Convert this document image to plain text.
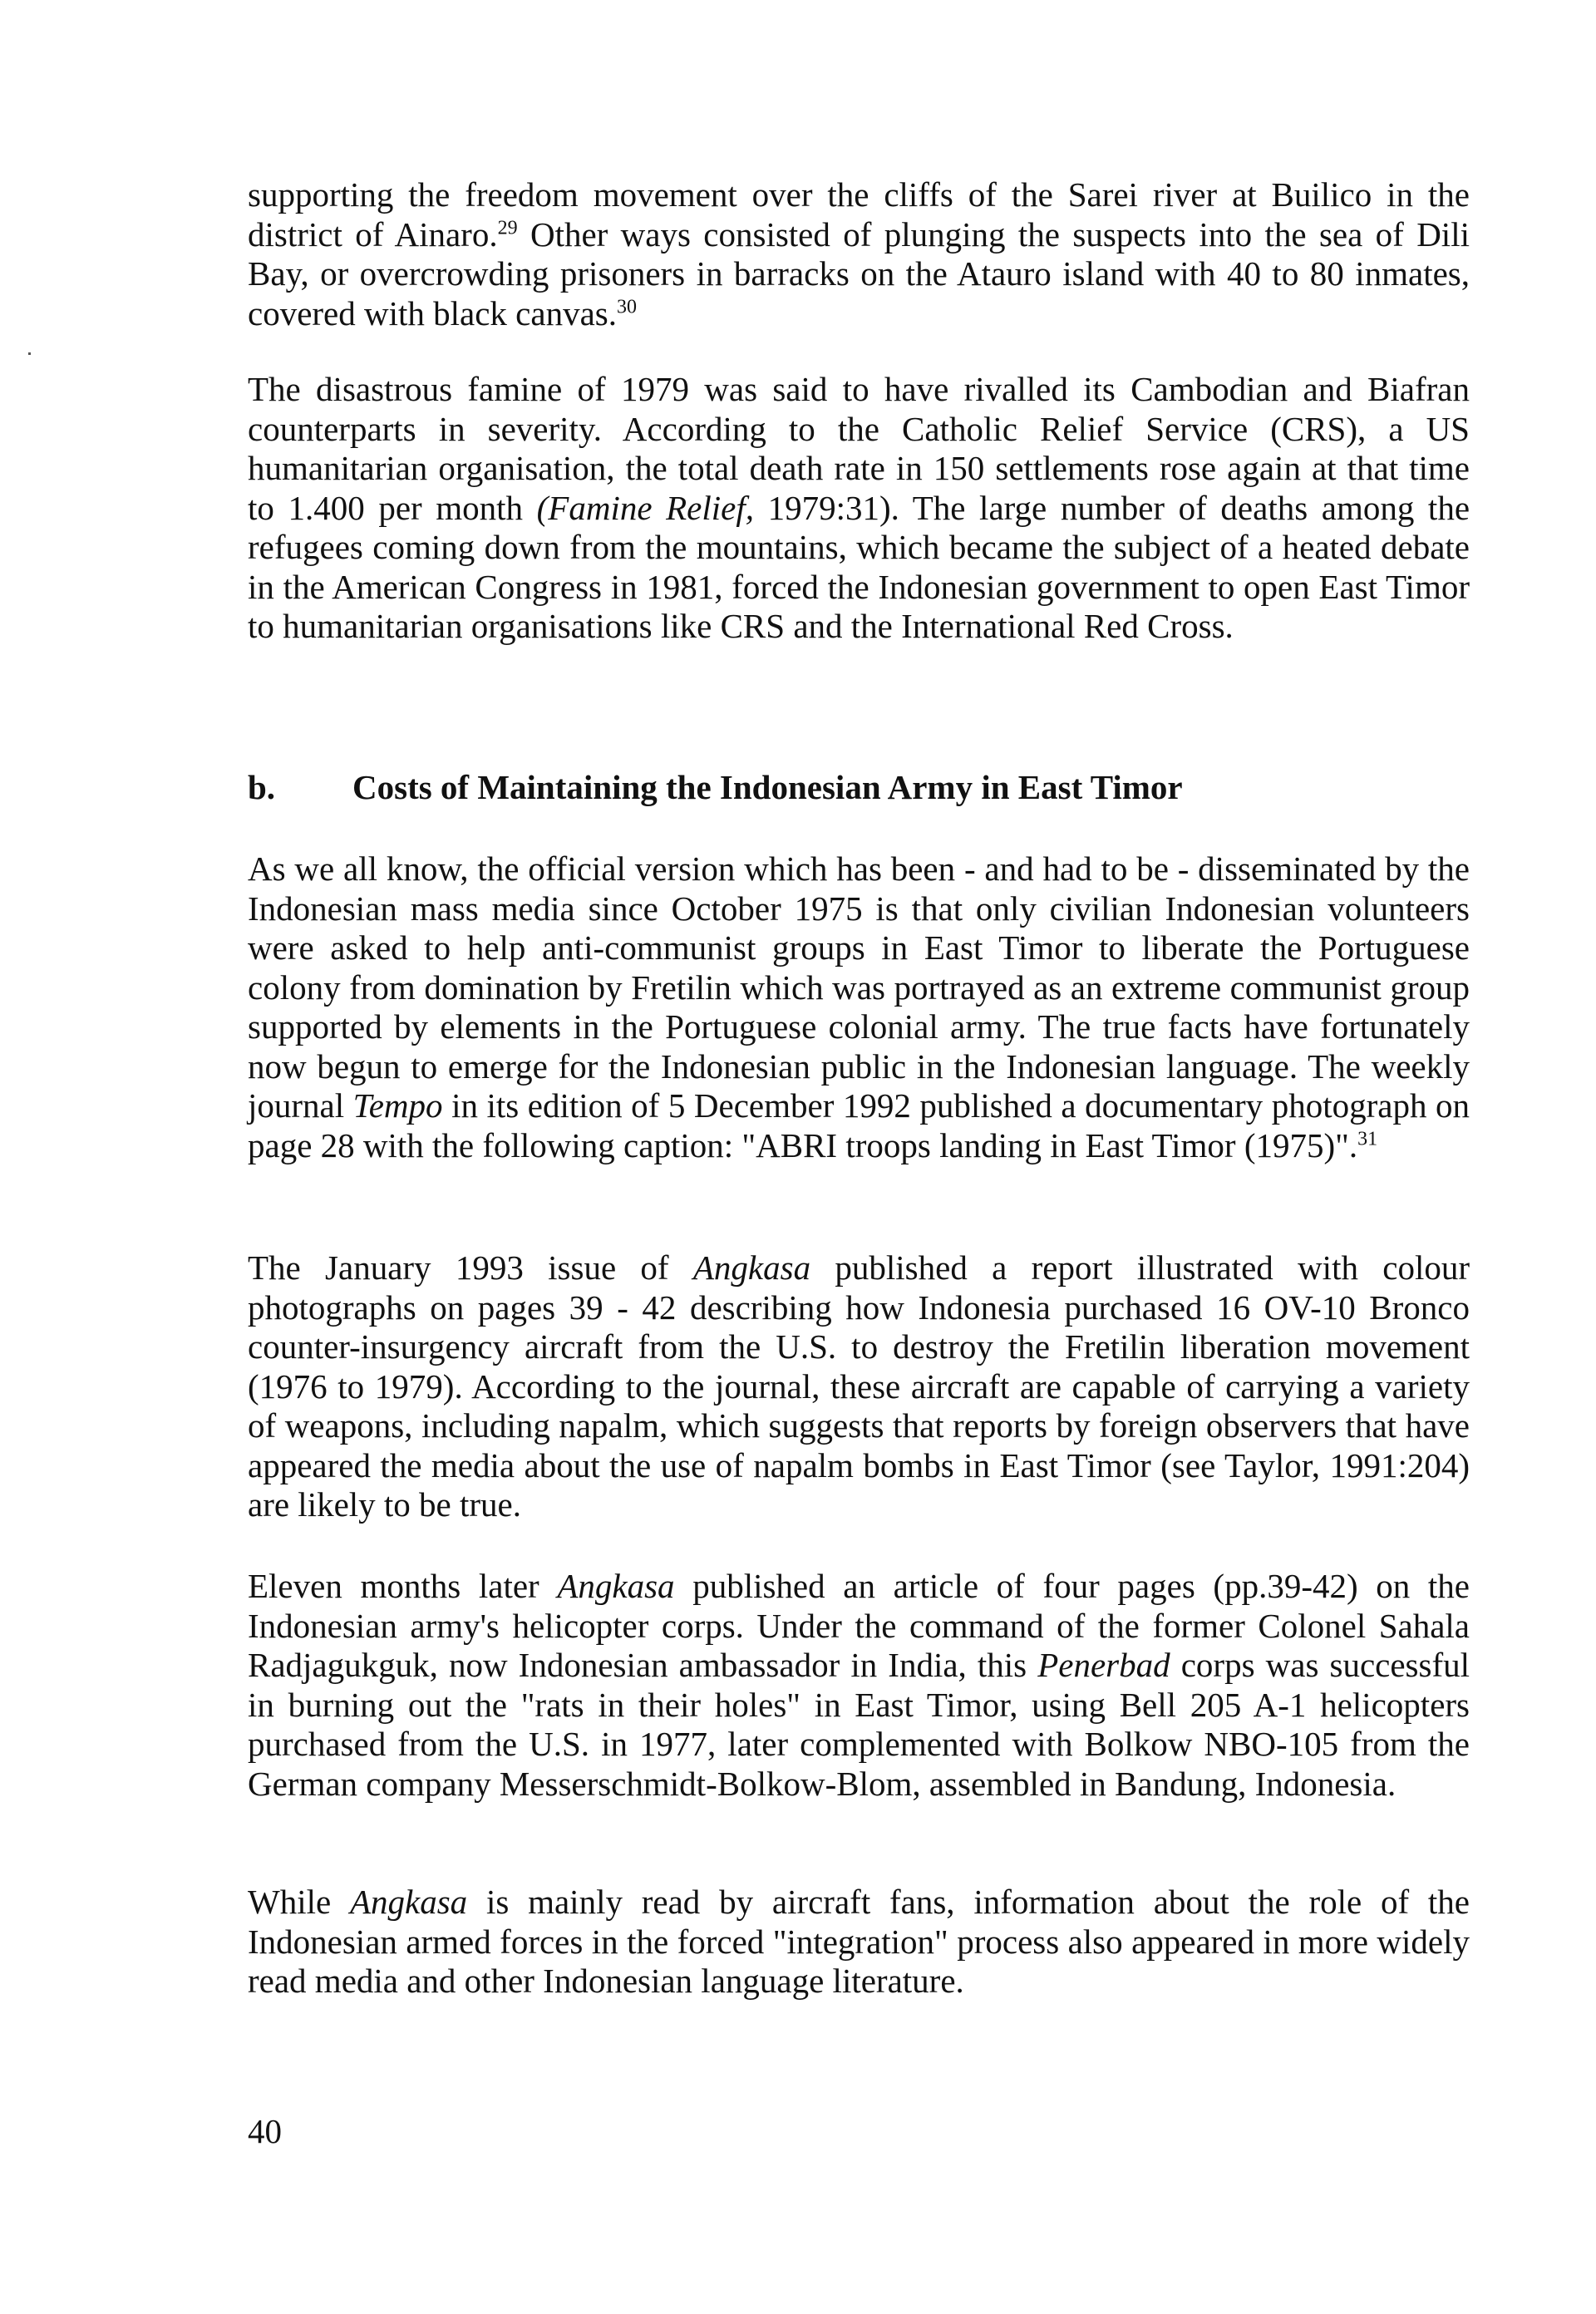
supporting the freedom movement over the cliffs of the Sarei river at Builico in the district of Ainaro.$^{29}$ Other ways consisted of plunging the suspects into the sea of Dili Bay, or overcrowding prisoners in barracks on the Atauro island with 40 to 80 inmates, covered with black canvas.$^{30}$

The disastrous famine of 1979 was said to have rivalled its Cambodian and Biafran counterparts in severity. According to the Catholic Relief Service (CRS), a US humanitarian organisation, the total death rate in 150 settlements rose again at that time to 1.400 per month (Famine Relief, 1979:31). The large number of deaths among the refugees coming down from the mountains, which became the subject of a heated debate in the American Congress in 1981, forced the Indonesian government to open East Timor to humanitarian organisations like CRS and the International Red Cross.

b. Costs of Maintaining the Indonesian Army in East Timor

As we all know, the official version which has been - and had to be - disseminated by the Indonesian mass media since October 1975 is that only civilian Indonesian volunteers were asked to help anti-communist groups in East Timor to liberate the Portuguese colony from domination by Fretilin which was portrayed as an extreme communist group supported by elements in the Portuguese colonial army. The true facts have fortunately now begun to emerge for the Indonesian public in the Indonesian language. The weekly journal Tempo in its edition of 5 December 1992 published a documentary photograph on page 28 with the following caption: "ABRI troops landing in East Timor (1975)".$^{31}$

The January 1993 issue of Angkasa published a report illustrated with colour photographs on pages 39 - 42 describing how Indonesia purchased 16 OV-10 Bronco counter-insurgency aircraft from the U.S. to destroy the Fretilin liberation movement (1976 to 1979). According to the journal, these aircraft are capable of carrying a variety of weapons, including napalm, which suggests that reports by foreign observers that have appeared the media about the use of napalm bombs in East Timor (see Taylor, 1991:204) are likely to be true.

Eleven months later Angkasa published an article of four pages (pp.39-42) on the Indonesian army's helicopter corps. Under the command of the former Colonel Sahala Radjagukguk, now Indonesian ambassador in India, this Penerbad corps was successful in burning out the "rats in their holes" in East Timor, using Bell 205 A-1 helicopters purchased from the U.S. in 1977, later complemented with Bolkow NBO-105 from the German company Messerschmidt-Bolkow-Blom, assembled in Bandung, Indonesia.

While Angkasa is mainly read by aircraft fans, information about the role of the Indonesian armed forces in the forced "integration" process also appeared in more widely read media and other Indonesian language literature.

40
